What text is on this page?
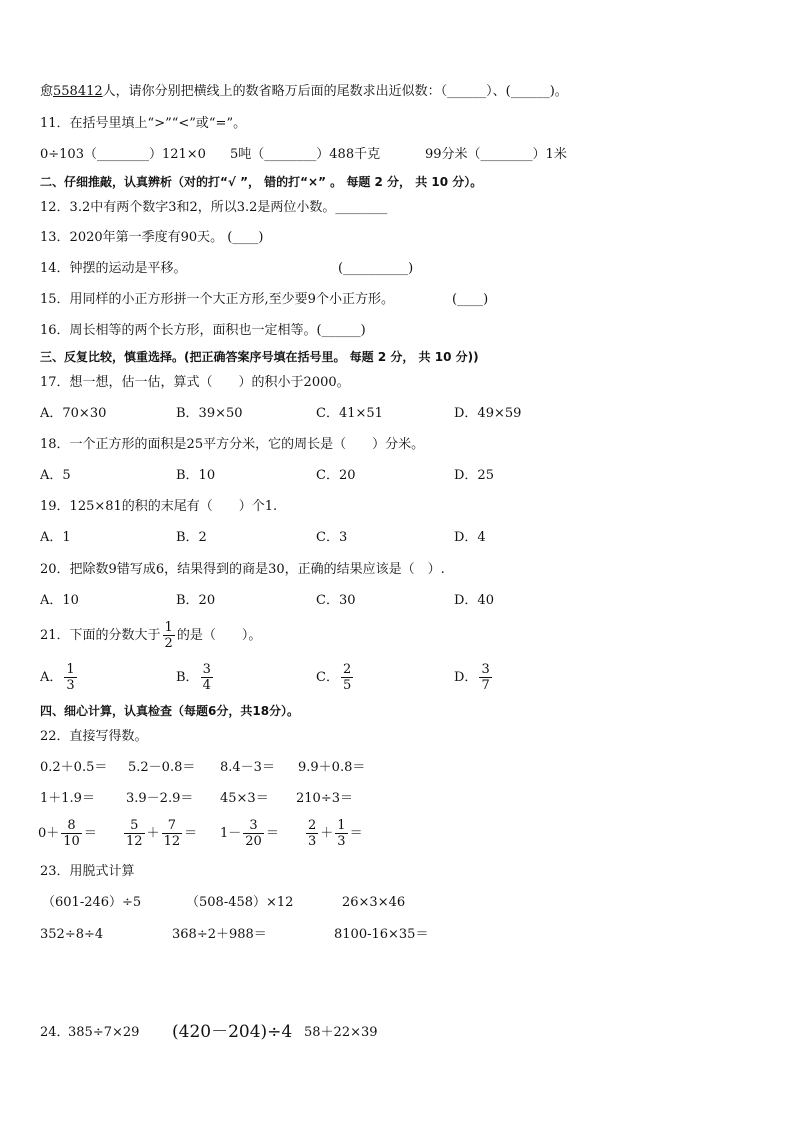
愈558412人，请你分别把横线上的数省略万后面的尾数求出近似数：（______）、(______)。
11．在括号里填上“>”“<”或“=”。
0÷103（________）121×0 5吨（________）488千克	99分米（________）1米
二、仔细推敲，认真辨析（对的打“√ ”， 错的打“×” 。 每题 2 分， 共 10 分）。
12．3.2中有两个数字3和2，所以3.2是两位小数。________
13．2020年第一季度有90天。 (____)
14．钟摆的运动是平移。	(__________)
15．用同样的小正方形拼一个大正方形,至少要9个小正方形。	(____)
16．周长相等的两个长方形，面积也一定相等。(______)
三、反复比较，慎重选择。(把正确答案序号填在括号里。 每题 2 分， 共 10 分))
17．想一想，估一估，算式（　　）的积小于2000。
A．70×30	B．39×50	C．41×51	D．49×59
18．一个正方形的面积是25平方分米，它的周长是（　　）分米。
A．5	B．10	C．20	D．25
19．125×81的积的末尾有（　　）个1.
A．1	B．2	C．3	D．4
20．把除数9错写成6，结果得到的商是30，正确的结果应该是（　）.
A．10	B．20	C．30	D．40
21．下面的分数大于 $\frac{1}{2}$ 的是（　　）。
A． $\frac{1}{3}$	B． $\frac{3}{4}$	C． $\frac{2}{5}$	D． $\frac{3}{7}$
四、细心计算，认真检查（每题6分，共18分）。
22．直接写得数。
0.2＋0.5＝ 5.2－0.8＝ 8.4－3＝ 9.9＋0.8＝
1＋1.9＝ 3.9－2.9＝ 45×3＝ 210÷3＝
$0+ \frac{8}{10} = \frac{5}{12} + \frac{7}{12} = 1- \frac{3}{20} = \frac{2}{3} + \frac{1}{3}$ ＝
23．用脱式计算
（601-246）÷5	（508-458）×12	26×3×46
352÷8÷4	368÷2＋988＝	8100-16×35＝
24．
385÷7×29 (420－204)÷4 58＋22×39
